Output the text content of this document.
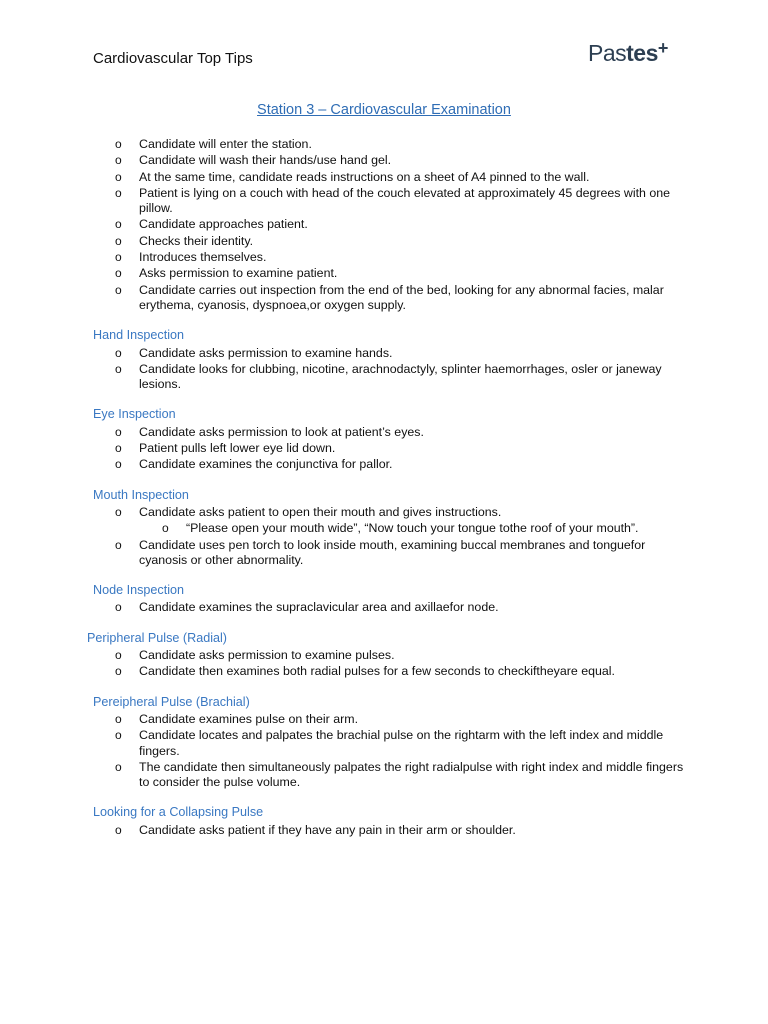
Cardiovascular Top Tips	Pastes+
Station 3 – Cardiovascular Examination
o Candidate will enter the station.
o Candidate will wash their hands/use hand gel.
o At the same time, candidate reads instructions on a sheet of A4 pinned to the wall.
o Patient is lying on a couch with head of the couch elevated at approximately 45 degrees with one pillow.
o Candidate approaches patient.
o Checks their identity.
o Introduces themselves.
o Asks permission to examine patient.
o Candidate carries out inspection from the end of the bed, looking for any abnormal facies, malar erythema, cyanosis, dyspnoea,or oxygen supply.
Hand Inspection
o Candidate asks permission to examine hands.
o Candidate looks for clubbing, nicotine, arachnodactyly, splinter haemorrhages, osler or janeway lesions.
Eye Inspection
o Candidate asks permission to look at patient’s eyes.
o Patient pulls left lower eye lid down.
o Candidate examines the conjunctiva for pallor.
Mouth Inspection
o Candidate asks patient to open their mouth and gives instructions.
o “Please open your mouth wide”, “Now touch your tongue tothe roof of your mouth”.
o Candidate uses pen torch to look inside mouth, examining buccal membranes and tonguefor cyanosis or other abnormality.
Node Inspection
o Candidate examines the supraclavicular area and axillaefor node.
Peripheral Pulse (Radial)
o Candidate asks permission to examine pulses.
o Candidate then examines both radial pulses for a few seconds to checkiftheyare equal.
Pereipheral Pulse (Brachial)
o Candidate examines pulse on their arm.
o Candidate locates and palpates the brachial pulse on the rightarm with the left index and middle fingers.
o The candidate then simultaneously palpates the right radialpulse with right index and middle fingers to consider the pulse volume.
Looking for a Collapsing Pulse
o Candidate asks patient if they have any pain in their arm or shoulder.
